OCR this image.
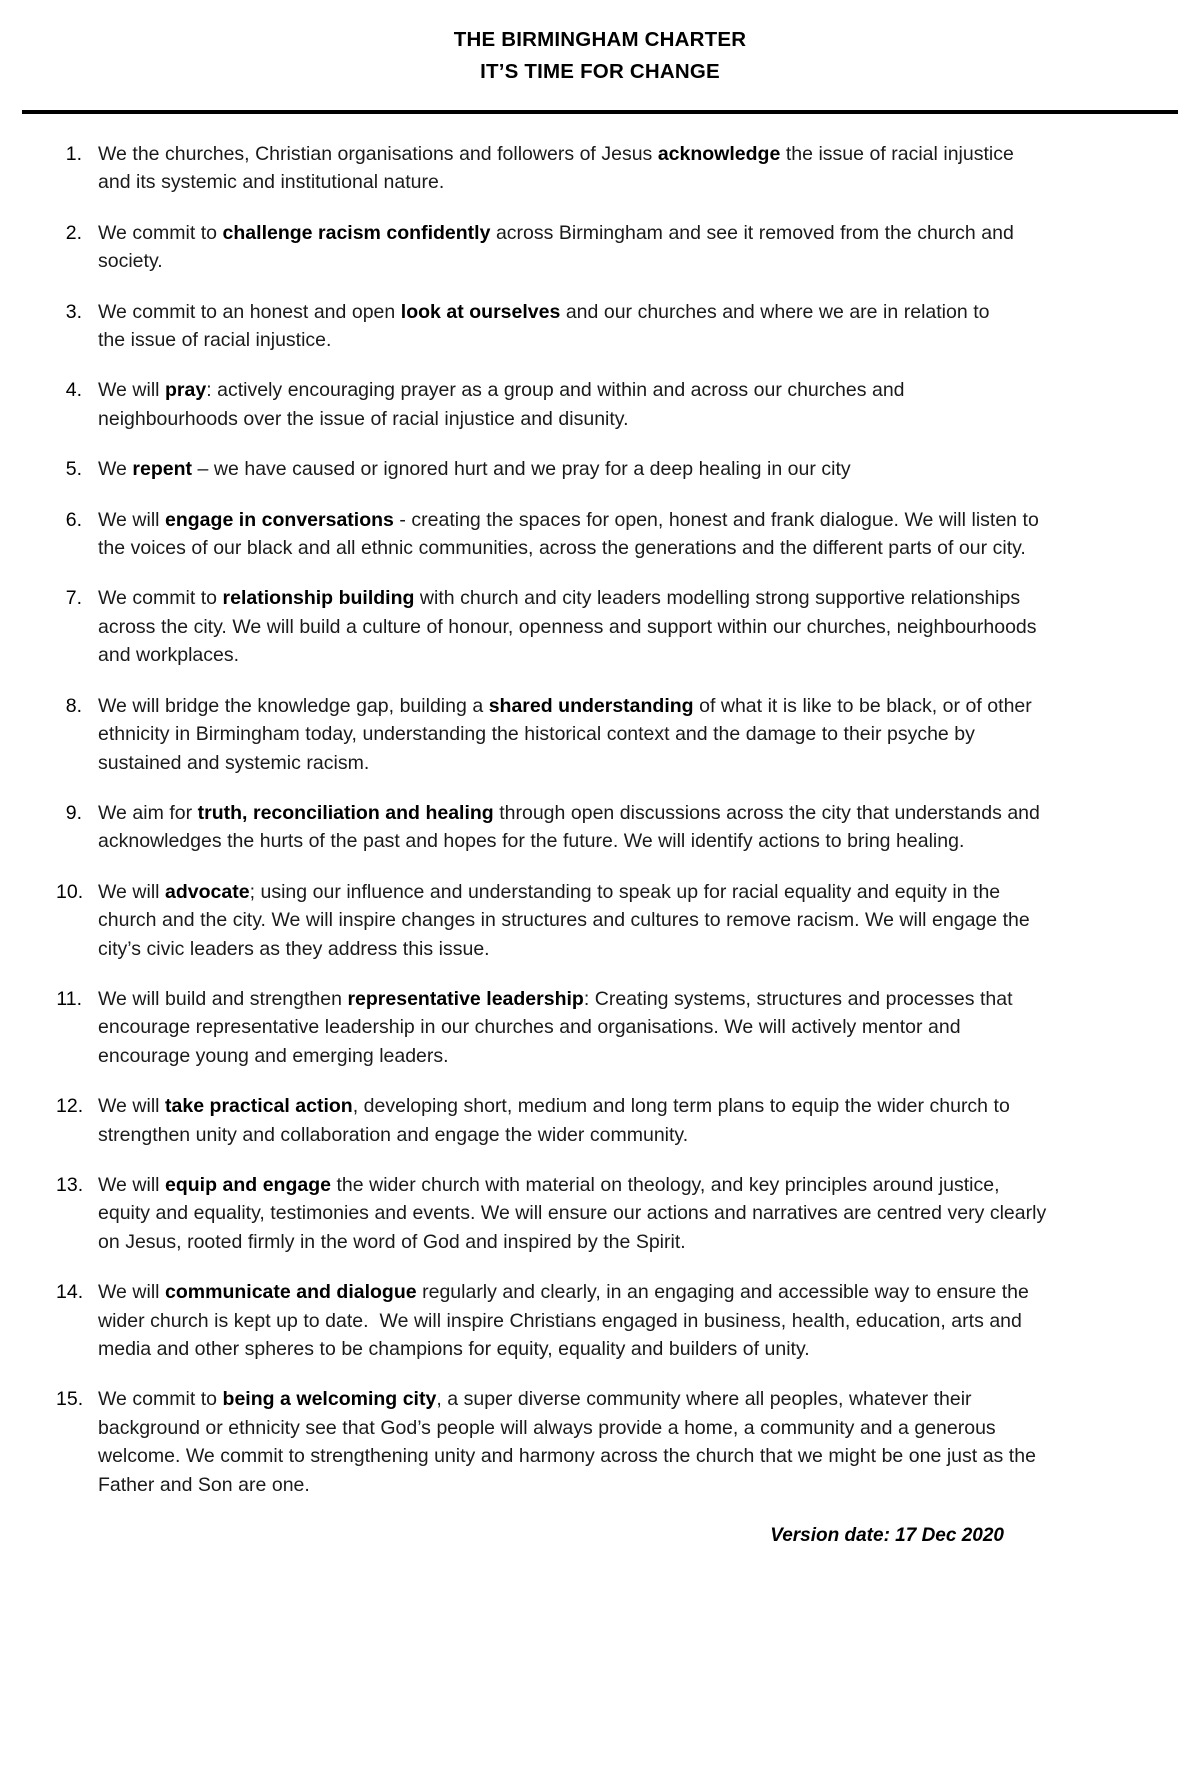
THE BIRMINGHAM CHARTER
IT’S TIME FOR CHANGE
1. We the churches, Christian organisations and followers of Jesus acknowledge the issue of racial injustice and its systemic and institutional nature.
2. We commit to challenge racism confidently across Birmingham and see it removed from the church and society.
3. We commit to an honest and open look at ourselves and our churches and where we are in relation to the issue of racial injustice.
4. We will pray: actively encouraging prayer as a group and within and across our churches and neighbourhoods over the issue of racial injustice and disunity.
5. We repent – we have caused or ignored hurt and we pray for a deep healing in our city
6. We will engage in conversations - creating the spaces for open, honest and frank dialogue. We will listen to the voices of our black and all ethnic communities, across the generations and the different parts of our city.
7. We commit to relationship building with church and city leaders modelling strong supportive relationships across the city. We will build a culture of honour, openness and support within our churches, neighbourhoods and workplaces.
8. We will bridge the knowledge gap, building a shared understanding of what it is like to be black, or of other ethnicity in Birmingham today, understanding the historical context and the damage to their psyche by sustained and systemic racism.
9. We aim for truth, reconciliation and healing through open discussions across the city that understands and acknowledges the hurts of the past and hopes for the future. We will identify actions to bring healing.
10. We will advocate; using our influence and understanding to speak up for racial equality and equity in the church and the city. We will inspire changes in structures and cultures to remove racism. We will engage the city’s civic leaders as they address this issue.
11. We will build and strengthen representative leadership: Creating systems, structures and processes that encourage representative leadership in our churches and organisations. We will actively mentor and encourage young and emerging leaders.
12. We will take practical action, developing short, medium and long term plans to equip the wider church to strengthen unity and collaboration and engage the wider community.
13. We will equip and engage the wider church with material on theology, and key principles around justice, equity and equality, testimonies and events. We will ensure our actions and narratives are centred very clearly on Jesus, rooted firmly in the word of God and inspired by the Spirit.
14. We will communicate and dialogue regularly and clearly, in an engaging and accessible way to ensure the wider church is kept up to date.  We will inspire Christians engaged in business, health, education, arts and media and other spheres to be champions for equity, equality and builders of unity.
15. We commit to being a welcoming city, a super diverse community where all peoples, whatever their background or ethnicity see that God’s people will always provide a home, a community and a generous welcome. We commit to strengthening unity and harmony across the church that we might be one just as the Father and Son are one.
Version date: 17 Dec 2020
